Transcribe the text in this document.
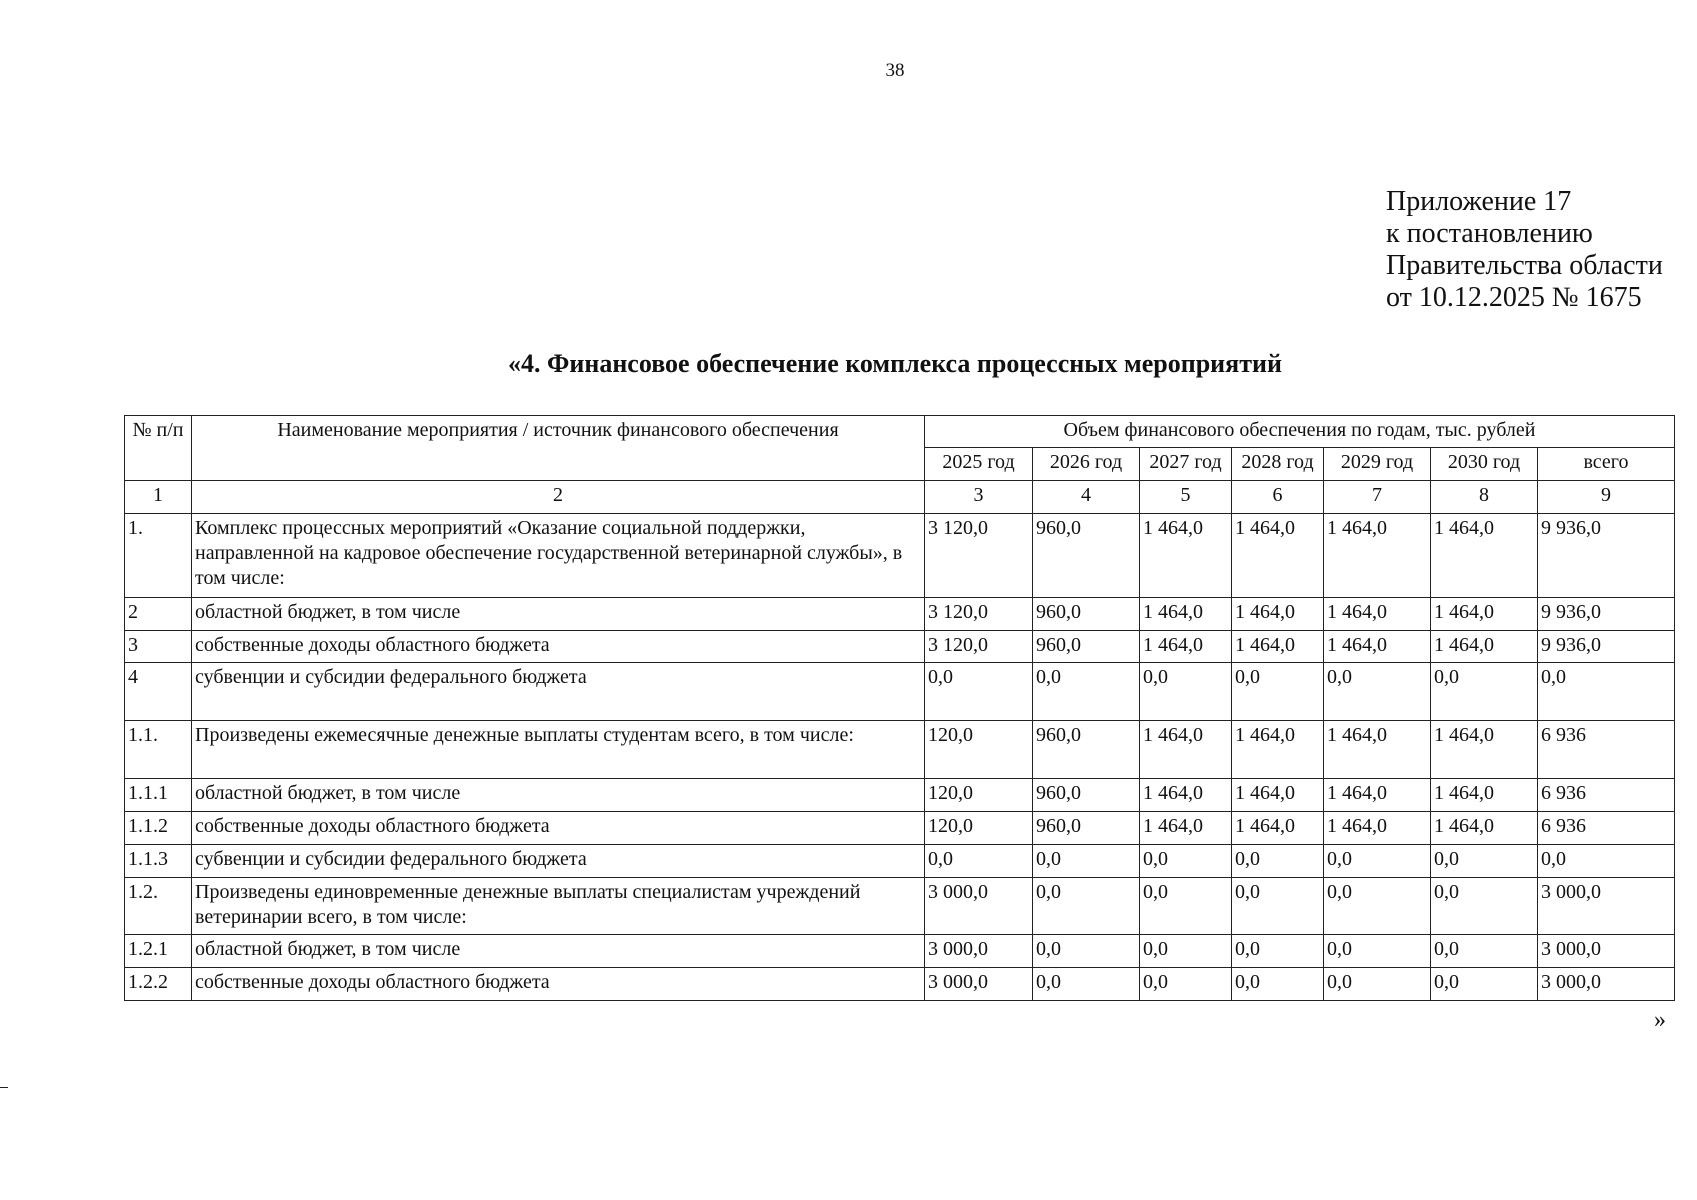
38
Приложение 17
к постановлению
Правительства области
от 10.12.2025 № 1675
«4. Финансовое обеспечение комплекса процессных мероприятий
№ п/п	Наименование мероприятия / источник финансового обеспечения	Объем финансового обеспечения по годам, тыс. рублей						
		2025 год	2026 год	2027 год	2028 год	2029 год	2030 год	всего
1	2	3	4	5	6	7	8	9
1.	Комплекс процессных мероприятий «Оказание социальной поддержки, направленной на кадровое обеспечение государственной ветеринарной службы», в том числе:	3 120,0	960,0	1 464,0	1 464,0	1 464,0	1 464,0	9 936,0
2	областной бюджет, в том числе	3 120,0	960,0	1 464,0	1 464,0	1 464,0	1 464,0	9 936,0
3	собственные доходы областного бюджета	3 120,0	960,0	1 464,0	1 464,0	1 464,0	1 464,0	9 936,0
4	субвенции и субсидии федерального бюджета	0,0	0,0	0,0	0,0	0,0	0,0	0,0
1.1.	Произведены ежемесячные денежные выплаты студентам всего, в том числе:	120,0	960,0	1 464,0	1 464,0	1 464,0	1 464,0	6 936
1.1.1	областной бюджет, в том числе	120,0	960,0	1 464,0	1 464,0	1 464,0	1 464,0	6 936
1.1.2	собственные доходы областного бюджета	120,0	960,0	1 464,0	1 464,0	1 464,0	1 464,0	6 936
1.1.3	субвенции и субсидии федерального бюджета	0,0	0,0	0,0	0,0	0,0	0,0	0,0
1.2.	Произведены единовременные денежные выплаты специалистам учреждений ветеринарии всего, в том числе:	3 000,0	0,0	0,0	0,0	0,0	0,0	3 000,0
1.2.1	областной бюджет, в том числе	3 000,0	0,0	0,0	0,0	0,0	0,0	3 000,0
1.2.2	собственные доходы областного бюджета	3 000,0	0,0	0,0	0,0	0,0	0,0	3 000,0
»
